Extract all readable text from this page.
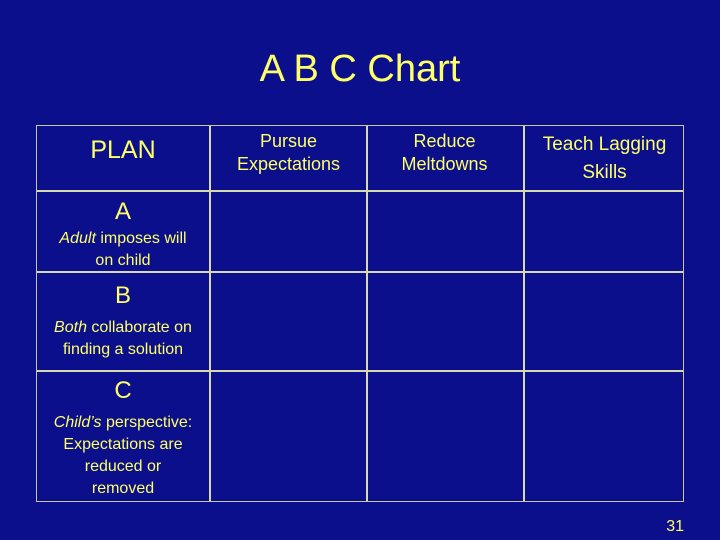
A B C Chart
PLAN	Pursue
Expectations
Reduce
Meltdowns
Teach Lagging
Skills
A
Adult imposes will
on child
B
Both collaborate on
finding a solution
C
Child’s perspective:
Expectations are
reduced or
removed
31
